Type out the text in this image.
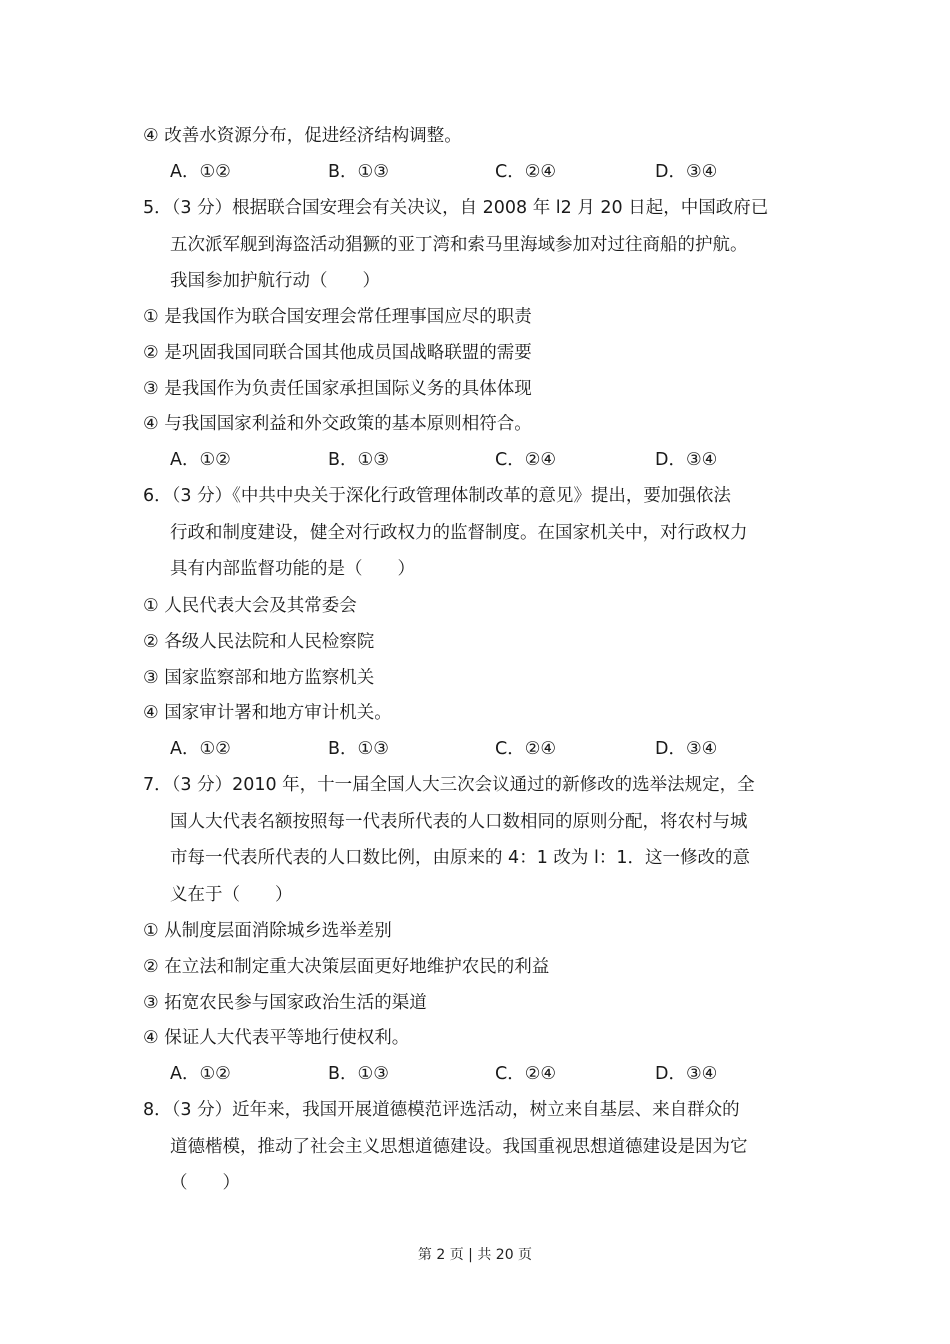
④ 改善水资源分布，促进经济结构调整。
A．①②	B．①③	C．②④	D．③④
5．（3 分）根据联合国安理会有关决议，自 2008 年 l2 月 20 日起，中国政府已
五次派军舰到海盗活动猖獗的亚丁湾和索马里海域参加对过往商船的护航。
我国参加护航行动（　　）
① 是我国作为联合国安理会常任理事国应尽的职责
② 是巩固我国同联合国其他成员国战略联盟的需要
③ 是我国作为负责任国家承担国际义务的具体体现
④ 与我国国家利益和外交政策的基本原则相符合。
A．①②	B．①③	C．②④	D．③④
6．（3 分）《中共中央关于深化行政管理体制改革的意见》提出，要加强依法
行政和制度建设，健全对行政权力的监督制度。在国家机关中，对行政权力
具有内部监督功能的是（　　）
① 人民代表大会及其常委会
② 各级人民法院和人民检察院
③ 国家监察部和地方监察机关
④ 国家审计署和地方审计机关。
A．①②	B．①③	C．②④	D．③④
7．（3 分）2010 年，十一届全国人大三次会议通过的新修改的选举法规定，全
国人大代表名额按照每一代表所代表的人口数相同的原则分配，将农村与城
市每一代表所代表的人口数比例，由原来的 4：1 改为 l：1．这一修改的意
义在于（　　）
① 从制度层面消除城乡选举差别
② 在立法和制定重大决策层面更好地维护农民的利益
③ 拓宽农民参与国家政治生活的渠道
④ 保证人大代表平等地行使权利。
A．①②	B．①③	C．②④	D．③④
8．（3 分）近年来，我国开展道德模范评选活动，树立来自基层、来自群众的
道德楷模，推动了社会主义思想道德建设。我国重视思想道德建设是因为它
（　　）
第 2 页 | 共 20 页
